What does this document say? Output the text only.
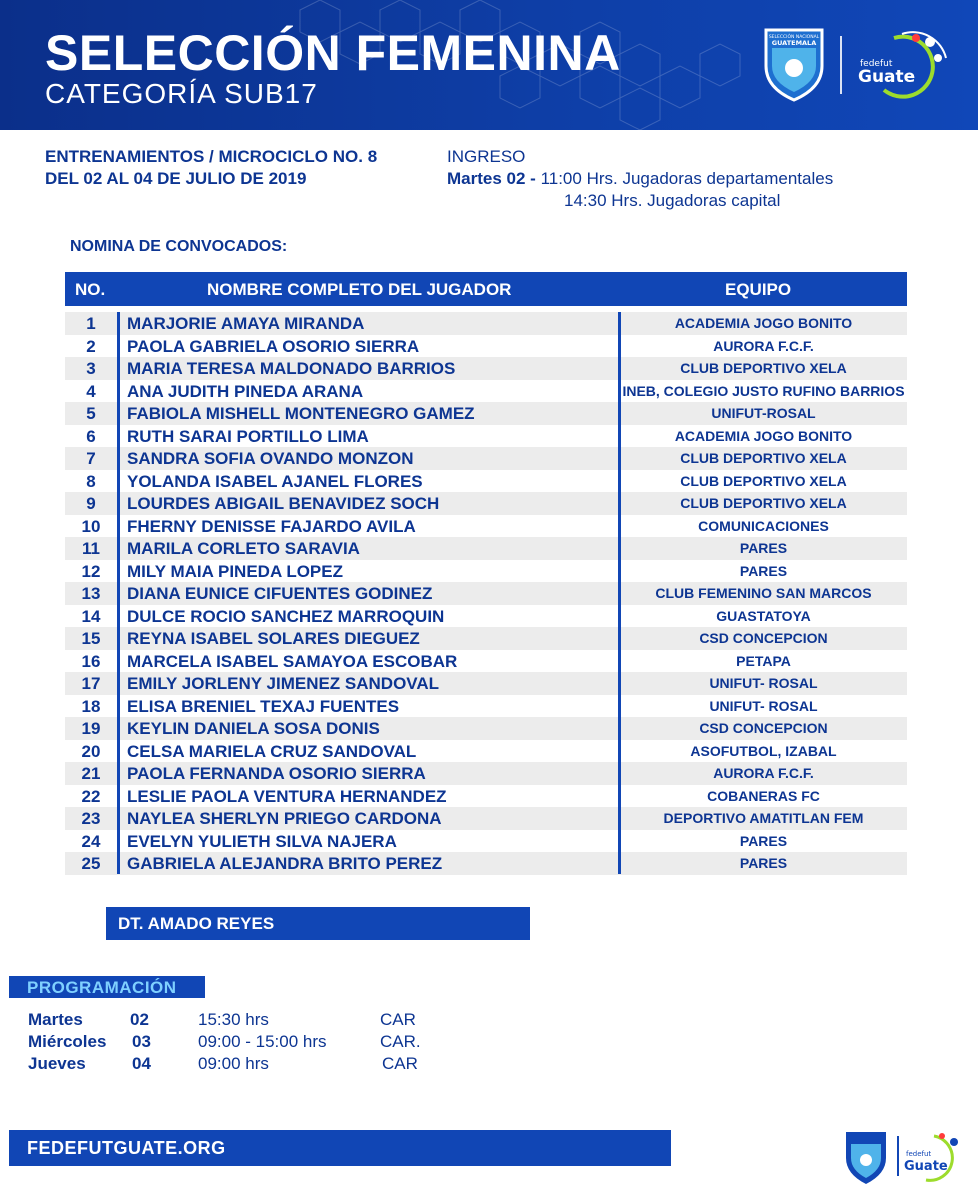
SELECCIÓN FEMENINA
CATEGORÍA SUB17
SELECCIÓN NACIONAL
GUATEMALA
fedefut
Guate
ENTRENAMIENTOS / MICROCICLO NO. 8
DEL 02 AL 04 DE JULIO DE 2019
INGRESO
Martes 02 - 11:00 Hrs. Jugadoras departamentales
14:30 Hrs. Jugadoras capital
NOMINA DE CONVOCADOS:
NO.	NOMBRE COMPLETO DEL JUGADOR	EQUIPO
1	MARJORIE AMAYA MIRANDA	ACADEMIA JOGO BONITO
2	PAOLA GABRIELA OSORIO SIERRA	AURORA F.C.F.
3	MARIA TERESA MALDONADO BARRIOS	CLUB DEPORTIVO XELA
4	ANA JUDITH PINEDA ARANA	INEB, COLEGIO JUSTO RUFINO BARRIOS
5	FABIOLA MISHELL MONTENEGRO GAMEZ	UNIFUT-ROSAL
6	RUTH SARAI PORTILLO LIMA	ACADEMIA JOGO BONITO
7	SANDRA SOFIA OVANDO MONZON	CLUB DEPORTIVO XELA
8	YOLANDA ISABEL AJANEL FLORES	CLUB DEPORTIVO XELA
9	LOURDES ABIGAIL BENAVIDEZ SOCH	CLUB DEPORTIVO XELA
10	FHERNY DENISSE FAJARDO AVILA	COMUNICACIONES
11	MARILA CORLETO SARAVIA	PARES
12	MILY MAIA PINEDA LOPEZ	PARES
13	DIANA EUNICE CIFUENTES GODINEZ	CLUB FEMENINO SAN MARCOS
14	DULCE ROCIO SANCHEZ MARROQUIN	GUASTATOYA
15	REYNA ISABEL SOLARES DIEGUEZ	CSD CONCEPCION
16	MARCELA ISABEL SAMAYOA ESCOBAR	PETAPA
17	EMILY JORLENY JIMENEZ SANDOVAL	UNIFUT- ROSAL
18	ELISA BRENIEL TEXAJ FUENTES	UNIFUT- ROSAL
19	KEYLIN DANIELA SOSA DONIS	CSD CONCEPCION
20	CELSA MARIELA CRUZ SANDOVAL	ASOFUTBOL, IZABAL
21	PAOLA FERNANDA OSORIO SIERRA	AURORA F.C.F.
22	LESLIE PAOLA VENTURA HERNANDEZ	COBANERAS FC
23	NAYLEA SHERLYN PRIEGO CARDONA	DEPORTIVO AMATITLAN FEM
24	EVELYN YULIETH SILVA NAJERA	PARES
25	GABRIELA ALEJANDRA BRITO PEREZ	PARES
DT. AMADO REYES
PROGRAMACIÓN
Martes	02	15:30 hrs	CAR
Miércoles 03	09:00 - 15:00 hrs	CAR.
Jueves	04	09:00 hrs	CAR
FEDEFUTGUATE.ORG	fedefut
Guate
